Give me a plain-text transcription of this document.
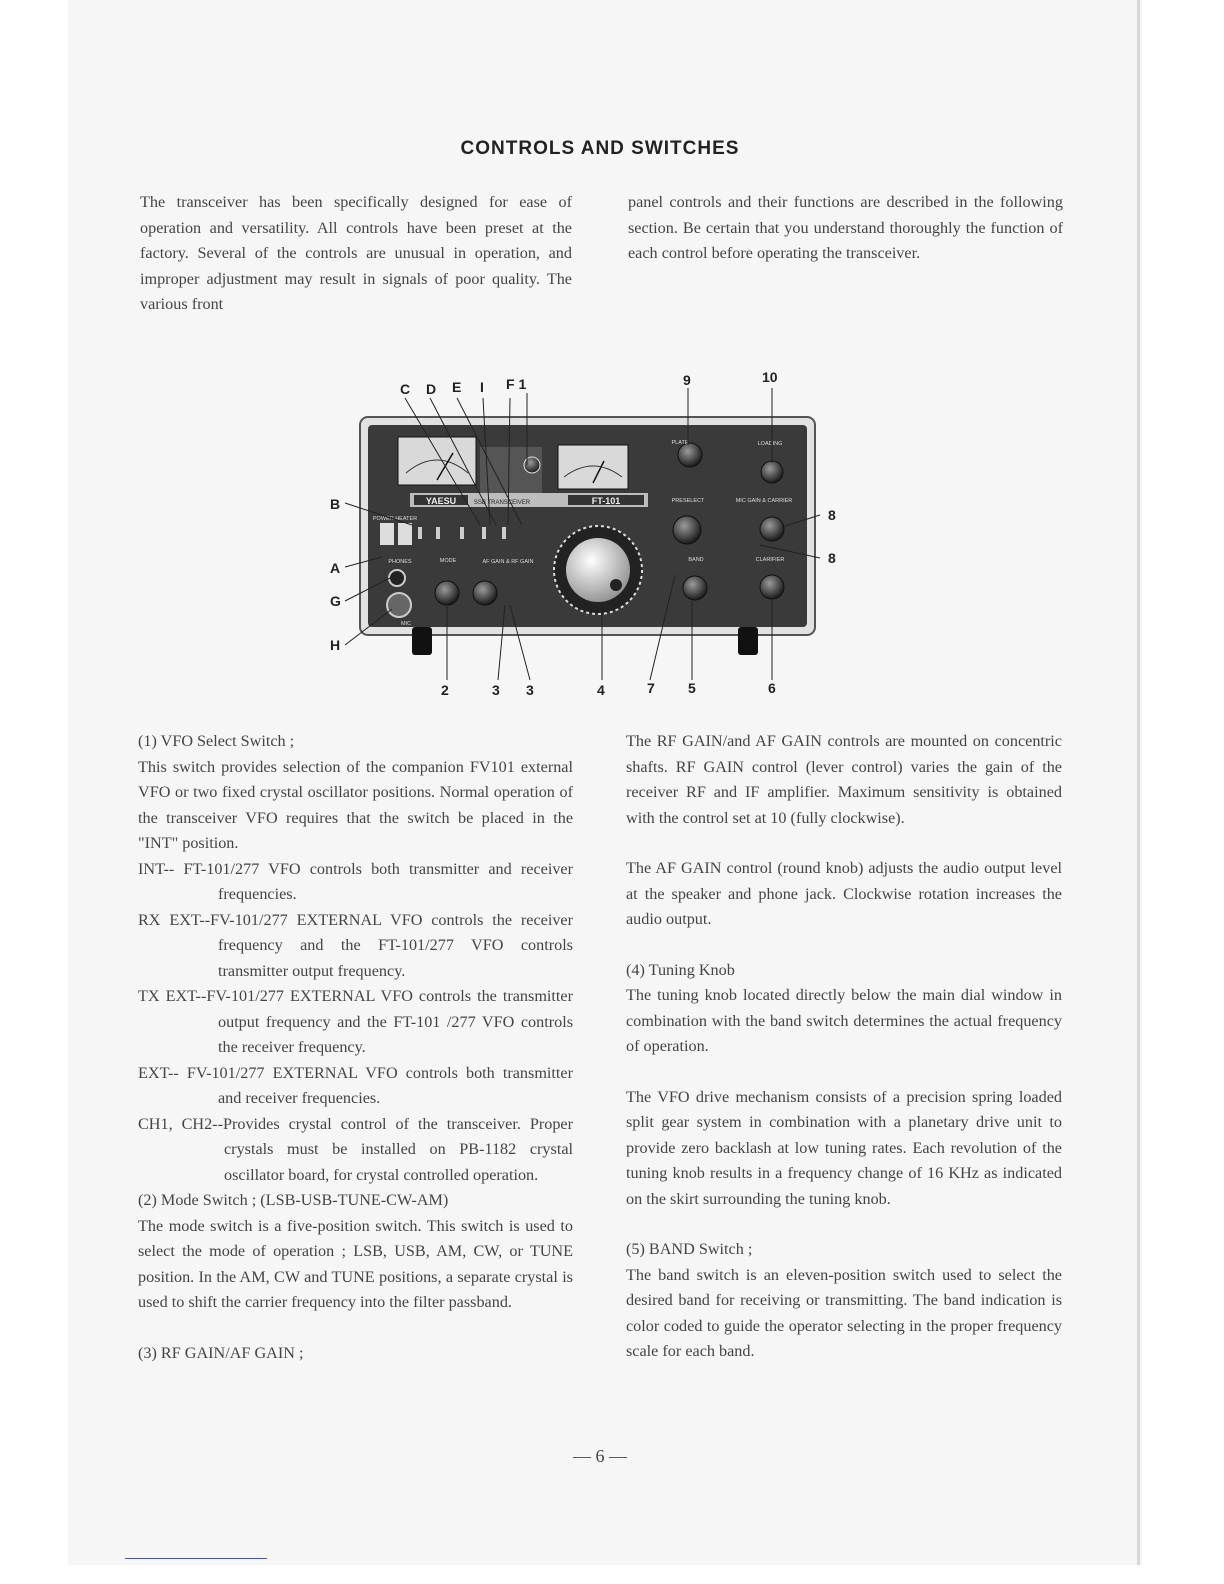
CONTROLS AND SWITCHES

The transceiver has been specifically designed for ease of operation and versatility. All controls have been preset at the factory. Several of the controls are unusual in operation, and improper adjustment may result in signals of poor quality. The various front

panel controls and their functions are described in the following section. Be certain that you understand thoroughly the function of each control before operating the transceiver.

YAESU	SSB TRANSCEIVER	FT-101
PLATE	LOADING
PRESELECT	MIC GAIN & CARRIER
BAND	CLARIFIER
MODE	AF GAIN & RF GAIN
POWER HEATER
PHONES
MIC
C D E I F 1	9	10
B
A
G
H
8
8
2	3 3	4	7 5	6

(1) VFO Select Switch ;

This switch provides selection of the companion FV101 external VFO or two fixed crystal oscillator positions. Normal operation of the transceiver VFO requires that the switch be placed in the "INT" position.

INT-- FT-101/277 VFO controls both transmitter and receiver frequencies.

RX EXT--FV-101/277 EXTERNAL VFO controls the receiver frequency and the FT-101/277 VFO controls transmitter output frequency.

TX EXT--FV-101/277 EXTERNAL VFO controls the transmitter output frequency and the FT-101 /277 VFO controls the receiver frequency.

EXT-- FV-101/277 EXTERNAL VFO controls both transmitter and receiver frequencies.

CH1, CH2--Provides crystal control of the transceiver. Proper crystals must be installed on PB-1182 crystal oscillator board, for crystal controlled operation.

(2) Mode Switch ; (LSB-USB-TUNE-CW-AM)

The mode switch is a five-position switch. This switch is used to select the mode of operation ; LSB, USB, AM, CW, or TUNE position. In the AM, CW and TUNE positions, a separate crystal is used to shift the carrier frequency into the filter passband.

(3) RF GAIN/AF GAIN ;

The RF GAIN/and AF GAIN controls are mounted on concentric shafts. RF GAIN control (lever control) varies the gain of the receiver RF and IF amplifier. Maximum sensitivity is obtained with the control set at 10 (fully clockwise).

The AF GAIN control (round knob) adjusts the audio output level at the speaker and phone jack. Clockwise rotation increases the audio output.

(4) Tuning Knob

The tuning knob located directly below the main dial window in combination with the band switch determines the actual frequency of operation.

The VFO drive mechanism consists of a precision spring loaded split gear system in combination with a planetary drive unit to provide zero backlash at low tuning rates. Each revolution of the tuning knob results in a frequency change of 16 KHz as indicated on the skirt surrounding the tuning knob.

(5) BAND Switch ;

The band switch is an eleven-position switch used to select the desired band for receiving or transmitting. The band indication is color coded to guide the operator selecting in the proper frequency scale for each band.

— 6 —
